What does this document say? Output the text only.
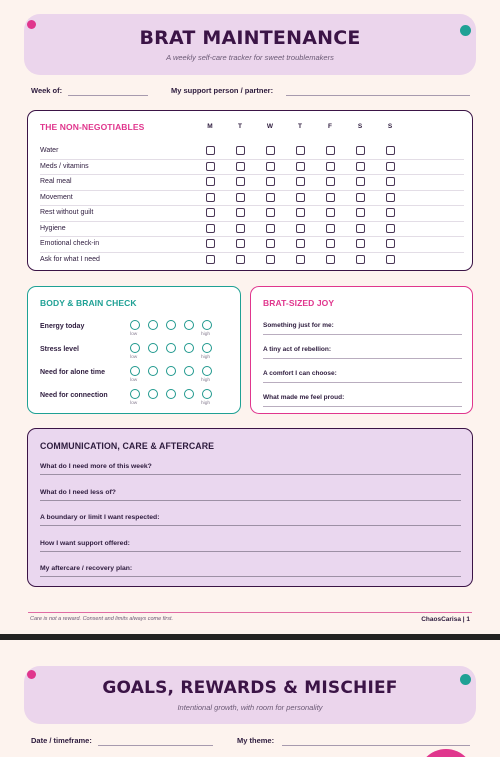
BRAT MAINTENANCE
A weekly self-care tracker for sweet troublemakers
Week of:	My support person / partner:
THE NON-NEGOTIABLES	M	T	W	T	F	S	S
Water
Meds / vitamins
Real meal
Movement
Rest without guilt
Hygiene
Emotional check-in
Ask for what I need
BODY & BRAIN CHECK
Energy today
low	high
Stress level
low	high
Need for alone time
low	high
Need for connection
low	high
BRAT-SIZED JOY
Something just for me:
A tiny act of rebellion:
A comfort I can choose:
What made me feel proud:
COMMUNICATION, CARE & AFTERCARE
What do I need more of this week?
What do I need less of?
A boundary or limit I want respected:
How I want support offered:
My aftercare / recovery plan:
Care is not a reward. Consent and limits always come first.	ChaosCarisa | 1
GOALS, REWARDS & MISCHIEF
Intentional growth, with room for personality
Date / timeframe:	My theme:
